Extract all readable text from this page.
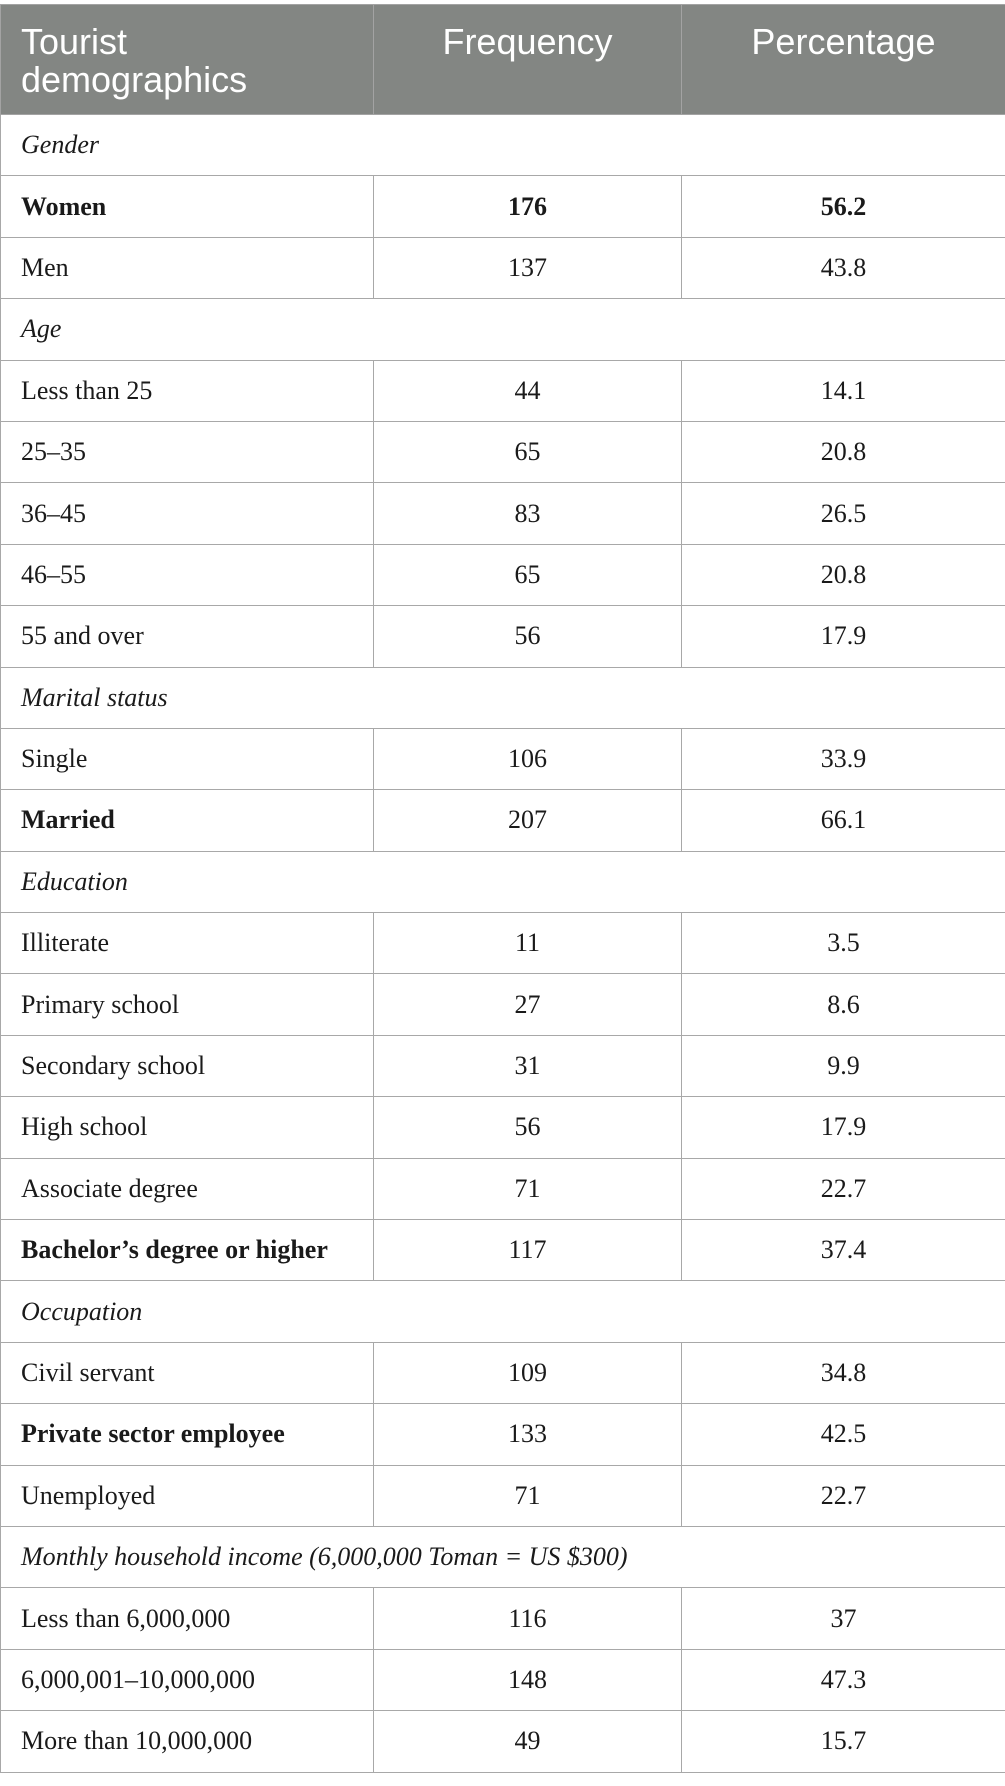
Tourist demographics	Frequency	Percentage
Gender		
Women	176	56.2
Men	137	43.8
Age		
Less than 25	44	14.1
25–35	65	20.8
36–45	83	26.5
46–55	65	20.8
55 and over	56	17.9
Marital status		
Single	106	33.9
Married	207	66.1
Education		
Illiterate	11	3.5
Primary school	27	8.6
Secondary school	31	9.9
High school	56	17.9
Associate degree	71	22.7
Bachelor’s degree or higher	117	37.4
Occupation		
Civil servant	109	34.8
Private sector employee	133	42.5
Unemployed	71	22.7
Monthly household income (6,000,000 Toman = US $300)		
Less than 6,000,000	116	37
6,000,001–10,000,000	148	47.3
More than 10,000,000	49	15.7
